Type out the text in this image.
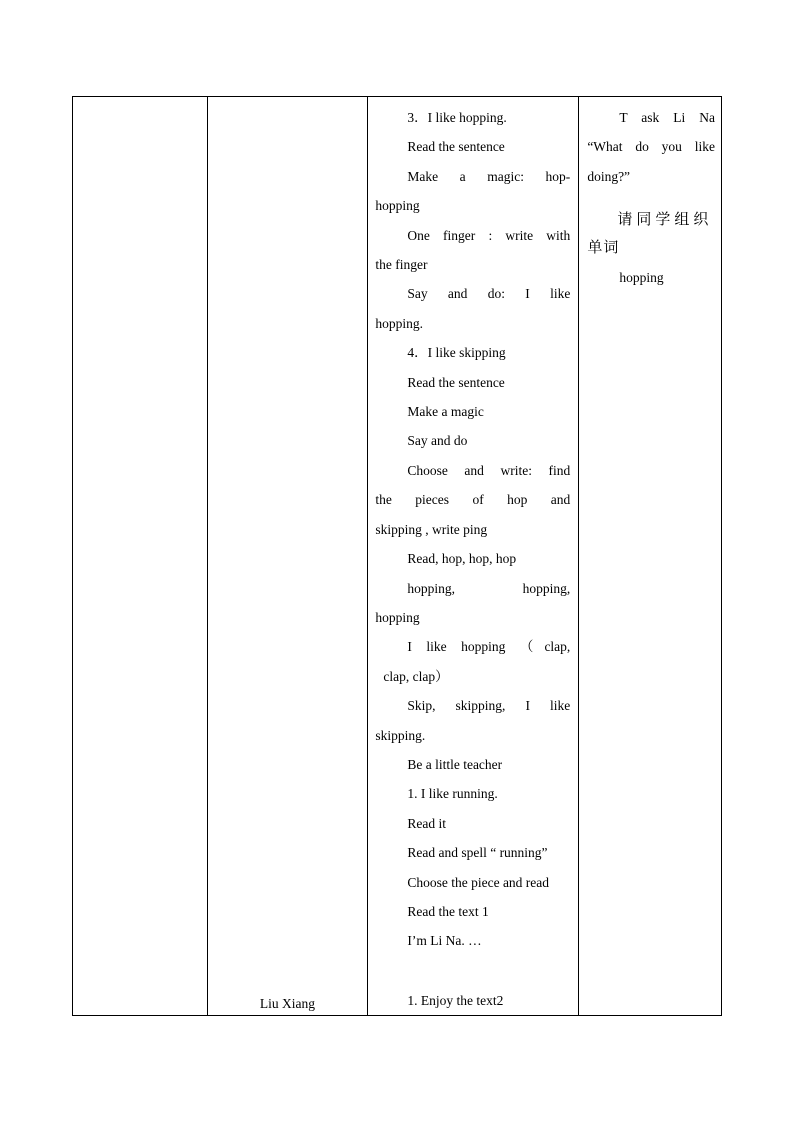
Liu Xiang

3．I like hopping.
Read the sentence
Make a magic: hop-
hopping
One finger : write with
the finger
Say and do: I like
hopping.
4．I like skipping
Read the sentence
Make a magic
Say and do
Choose and write: find
the pieces of hop and
skipping , write ping
Read, hop, hop, hop
hopping, hopping,
hopping
I like hopping （clap,
clap, clap）
Skip, skipping, I like
skipping.
Be a little teacher
1. I like running.
Read it
Read and spell “ running”
Choose the piece and read
Read the text 1
I’m Li Na. …
1. Enjoy the text2

T ask Li Na
“What do you like
doing?”
请同学组织
单词
hopping
